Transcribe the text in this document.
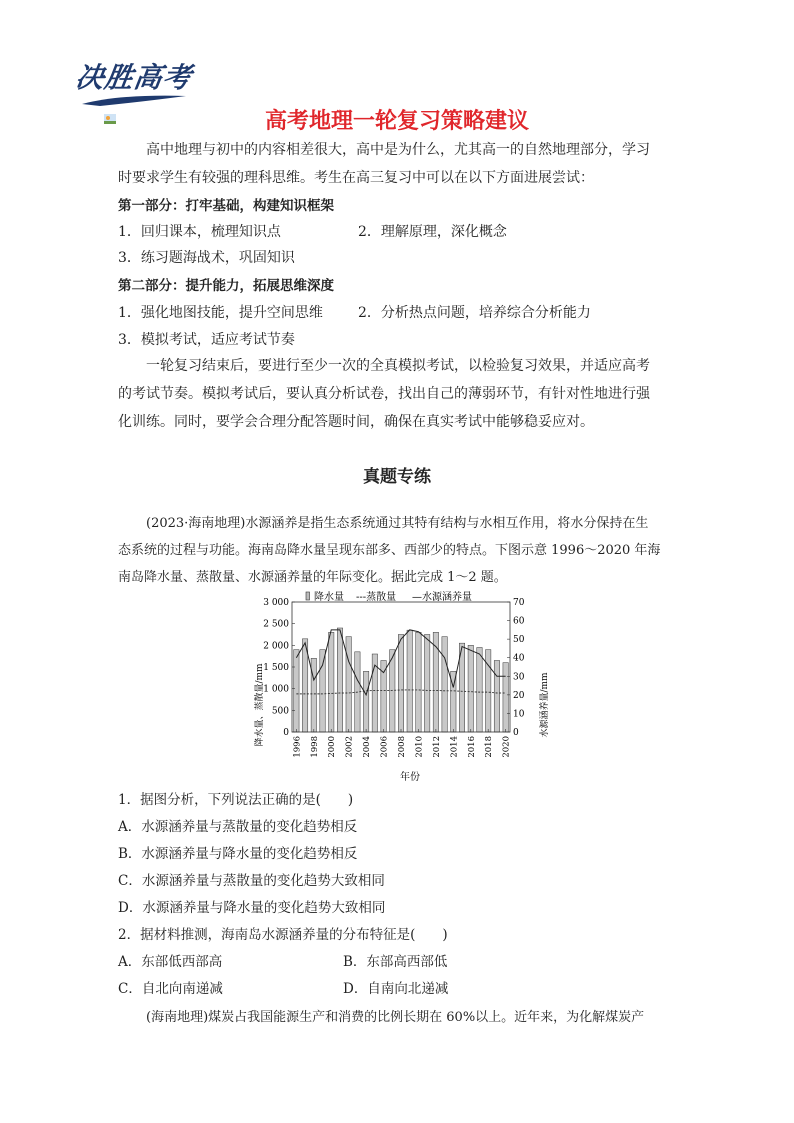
决胜高考
高考地理一轮复习策略建议
高中地理与初中的内容相差很大，高中是为什么，尤其高一的自然地理部分，学习
时要求学生有较强的理科思维。考生在高三复习中可以在以下方面进展尝试：
第一部分：打牢基础，构建知识框架
1．回归课本，梳理知识点	2．理解原理，深化概念
3．练习题海战术，巩固知识
第二部分：提升能力，拓展思维深度
1．强化地图技能，提升空间思维	2．分析热点问题，培养综合分析能力
3．模拟考试，适应考试节奏
一轮复习结束后，要进行至少一次的全真模拟考试，以检验复习效果，并适应高考
的考试节奏。模拟考试后，要认真分析试卷，找出自己的薄弱环节，有针对性地进行强
化训练。同时，要学会合理分配答题时间，确保在真实考试中能够稳妥应对。
真题专练
(2023·海南地理)水源涵养是指生态系统通过其特有结构与水相互作用，将水分保持在生
态系统的过程与功能。海南岛降水量呈现东部多、西部少的特点。下图示意 1996～2020 年海
南岛降水量、蒸散量、水源涵养量的年际变化。据此完成 1～2 题。
0
500
1 000
1 500
2 000
2 500
3 000
0
10
20
30
40
50
60
70
1996 1998 2000 2002 2004 2006 2008 2010 2012 2014 2016 2018 2020
降水量 ---蒸散量 —水源涵养量
降水量、蒸散量/mm	水源涵养量/mm
年份
1．据图分析，下列说法正确的是(　　)
A．水源涵养量与蒸散量的变化趋势相反
B．水源涵养量与降水量的变化趋势相反
C．水源涵养量与蒸散量的变化趋势大致相同
D．水源涵养量与降水量的变化趋势大致相同
2．据材料推测，海南岛水源涵养量的分布特征是(　　)
A．东部低西部高	B．东部高西部低
C．自北向南递减	D．自南向北递减
(海南地理)煤炭占我国能源生产和消费的比例长期在 60%以上。近年来，为化解煤炭产
